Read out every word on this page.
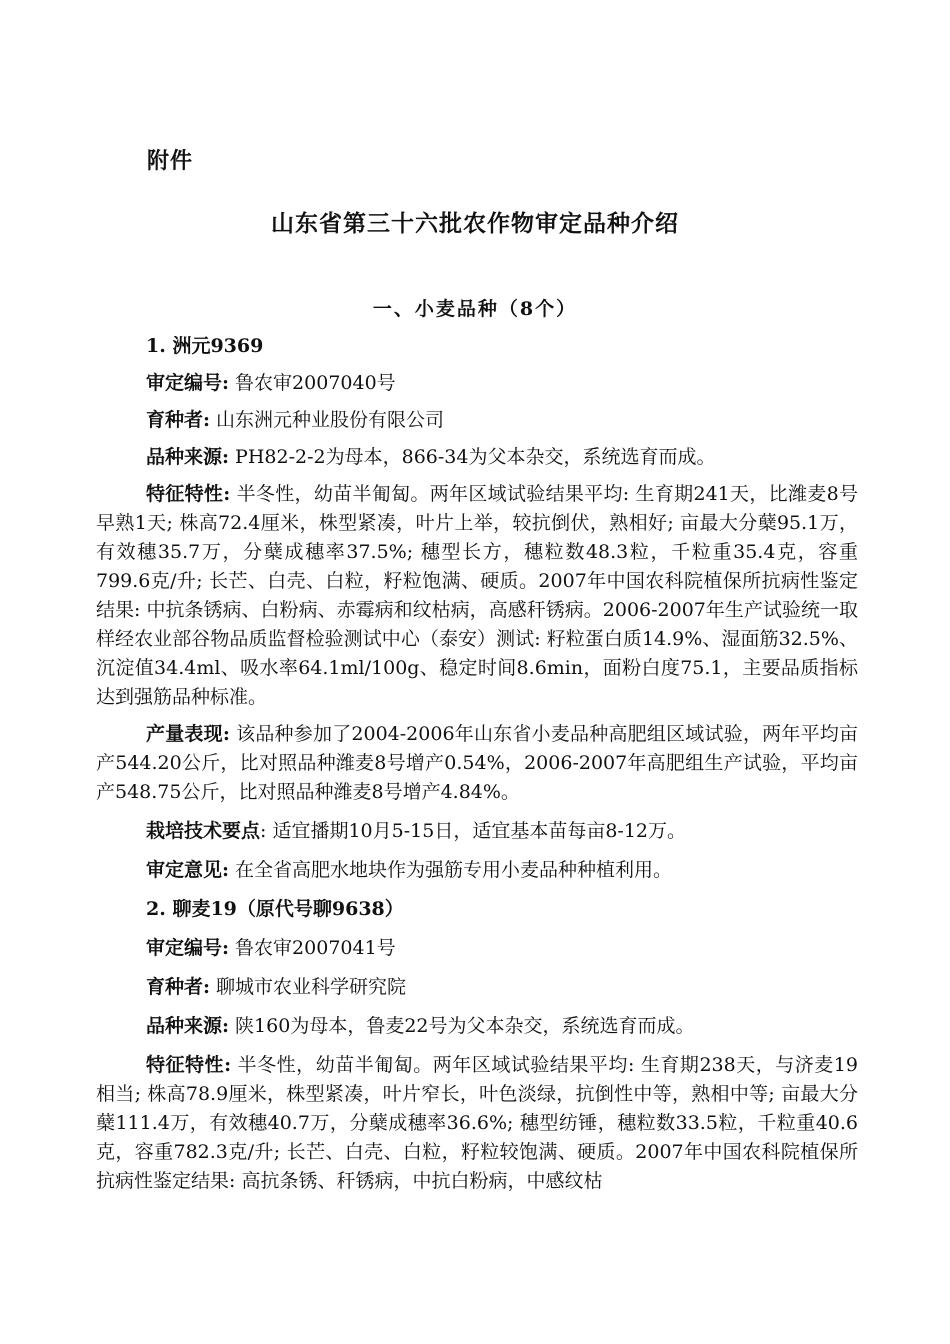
附件
山东省第三十六批农作物审定品种介绍
一、小麦品种（8个）

1. 洲元9369

审定编号: 鲁农审2007040号

育种者: 山东洲元种业股份有限公司

品种来源: PH82-2-2为母本，866-34为父本杂交，系统选育而成。

特征特性: 半冬性，幼苗半匍匐。两年区域试验结果平均: 生育期241天，比潍麦8号早熟1天; 株高72.4厘米，株型紧凑，叶片上举，较抗倒伏，熟相好; 亩最大分蘖95.1万，有效穗35.7万，分蘖成穗率37.5%; 穗型长方，穗粒数48.3粒，千粒重35.4克，容重799.6克/升; 长芒、白壳、白粒，籽粒饱满、硬质。2007年中国农科院植保所抗病性鉴定结果: 中抗条锈病、白粉病、赤霉病和纹枯病，高感秆锈病。2006-2007年生产试验统一取样经农业部谷物品质监督检验测试中心（泰安）测试: 籽粒蛋白质14.9%、湿面筋32.5%、沉淀值34.4ml、吸水率64.1ml/100g、稳定时间8.6min，面粉白度75.1，主要品质指标达到强筋品种标准。

产量表现: 该品种参加了2004-2006年山东省小麦品种高肥组区域试验，两年平均亩产544.20公斤，比对照品种潍麦8号增产0.54%，2006-2007年高肥组生产试验，平均亩产548.75公斤，比对照品种潍麦8号增产4.84%。

栽培技术要点: 适宜播期10月5-15日，适宜基本苗每亩8-12万。

审定意见: 在全省高肥水地块作为强筋专用小麦品种种植利用。

2. 聊麦19（原代号聊9638）

审定编号: 鲁农审2007041号

育种者: 聊城市农业科学研究院

品种来源: 陕160为母本，鲁麦22号为父本杂交，系统选育而成。

特征特性: 半冬性，幼苗半匍匐。两年区域试验结果平均: 生育期238天，与济麦19相当; 株高78.9厘米，株型紧凑，叶片窄长，叶色淡绿，抗倒性中等，熟相中等; 亩最大分蘖111.4万，有效穗40.7万，分蘖成穗率36.6%; 穗型纺锤，穗粒数33.5粒，千粒重40.6克，容重782.3克/升; 长芒、白壳、白粒，籽粒较饱满、硬质。2007年中国农科院植保所抗病性鉴定结果: 高抗条锈、秆锈病，中抗白粉病，中感纹枯
